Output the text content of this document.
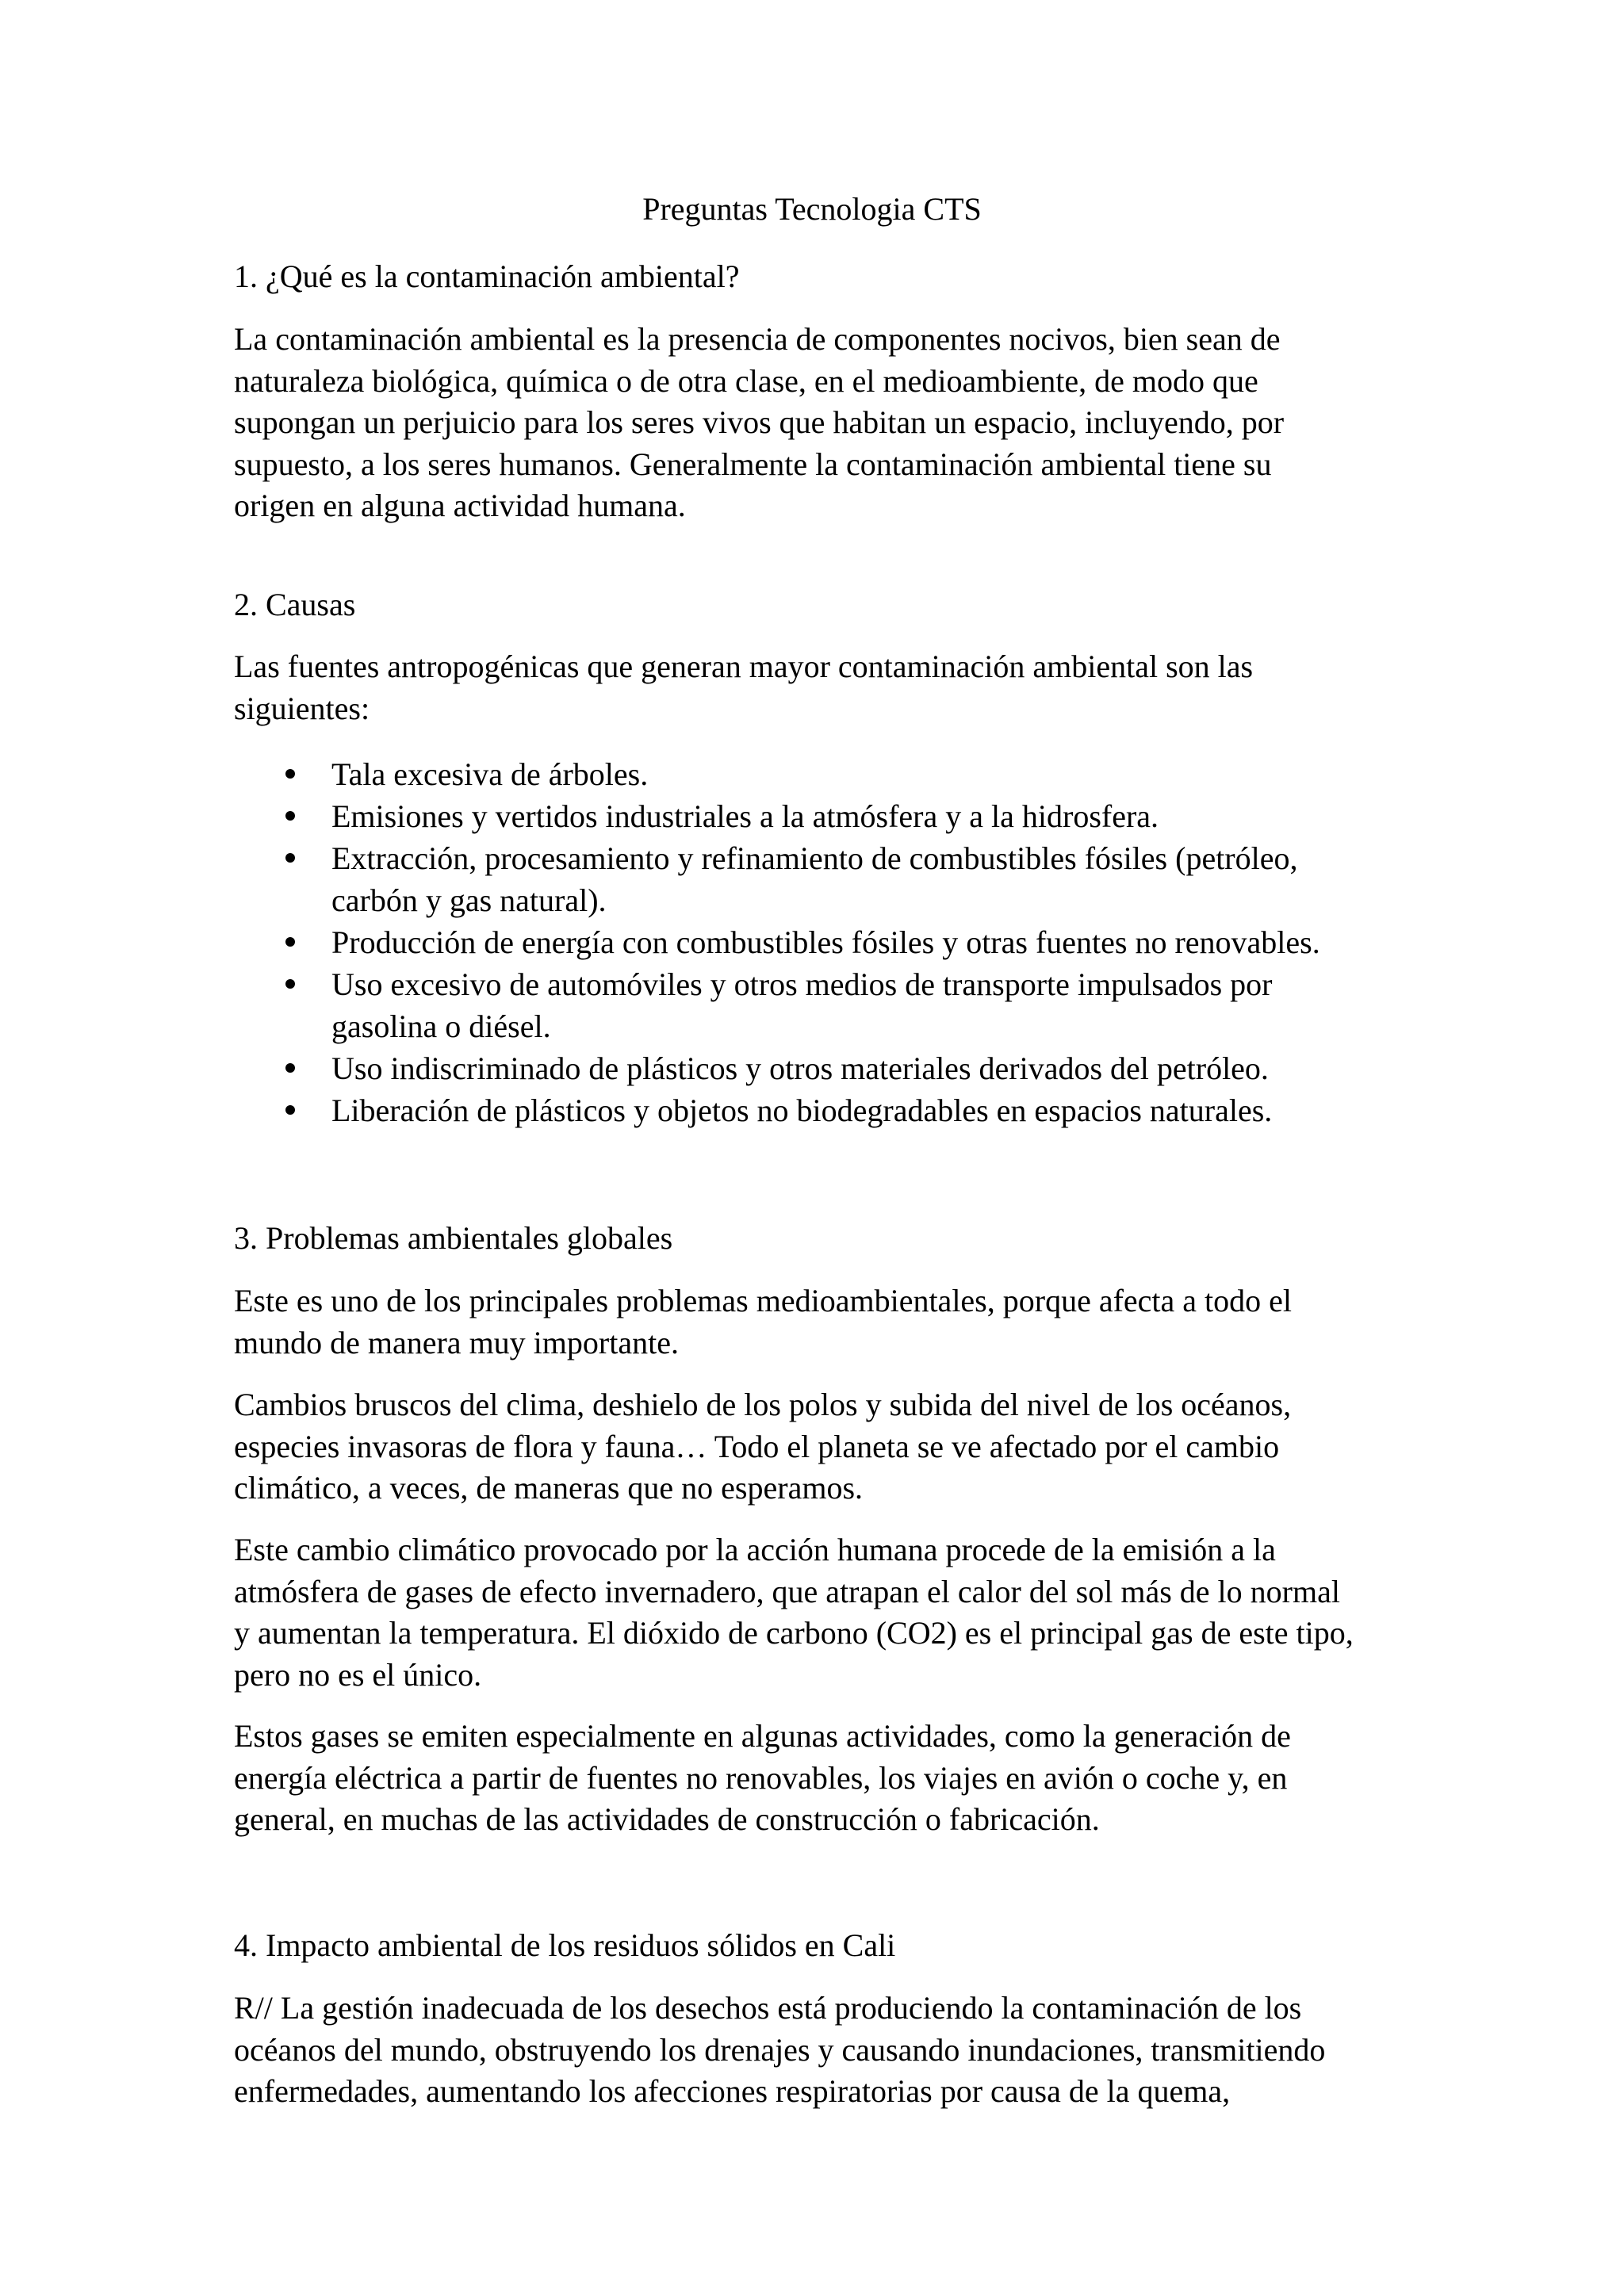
Preguntas Tecnologia CTS
1. ¿Qué es la contaminación ambiental?

La contaminación ambiental es la presencia de componentes nocivos, bien sean de
naturaleza biológica, química o de otra clase, en el medioambiente, de modo que
supongan un perjuicio para los seres vivos que habitan un espacio, incluyendo, por
supuesto, a los seres humanos. Generalmente la contaminación ambiental tiene su
origen en alguna actividad humana.

2. Causas

Las fuentes antropogénicas que generan mayor contaminación ambiental son las
siguientes:

Tala excesiva de árboles.
Emisiones y vertidos industriales a la atmósfera y a la hidrosfera.
Extracción, procesamiento y refinamiento de combustibles fósiles (petróleo,
carbón y gas natural).
Producción de energía con combustibles fósiles y otras fuentes no renovables.
Uso excesivo de automóviles y otros medios de transporte impulsados por
gasolina o diésel.
Uso indiscriminado de plásticos y otros materiales derivados del petróleo.
Liberación de plásticos y objetos no biodegradables en espacios naturales.
3. Problemas ambientales globales

Este es uno de los principales problemas medioambientales, porque afecta a todo el
mundo de manera muy importante.

Cambios bruscos del clima, deshielo de los polos y subida del nivel de los océanos,
especies invasoras de flora y fauna… Todo el planeta se ve afectado por el cambio
climático, a veces, de maneras que no esperamos.

Este cambio climático provocado por la acción humana procede de la emisión a la
atmósfera de gases de efecto invernadero, que atrapan el calor del sol más de lo normal
y aumentan la temperatura. El dióxido de carbono (CO2) es el principal gas de este tipo,
pero no es el único.

Estos gases se emiten especialmente en algunas actividades, como la generación de
energía eléctrica a partir de fuentes no renovables, los viajes en avión o coche y, en
general, en muchas de las actividades de construcción o fabricación.

4. Impacto ambiental de los residuos sólidos en Cali

R// La gestión inadecuada de los desechos está produciendo la contaminación de los
océanos del mundo, obstruyendo los drenajes y causando inundaciones, transmitiendo
enfermedades, aumentando los afecciones respiratorias por causa de la quema,
